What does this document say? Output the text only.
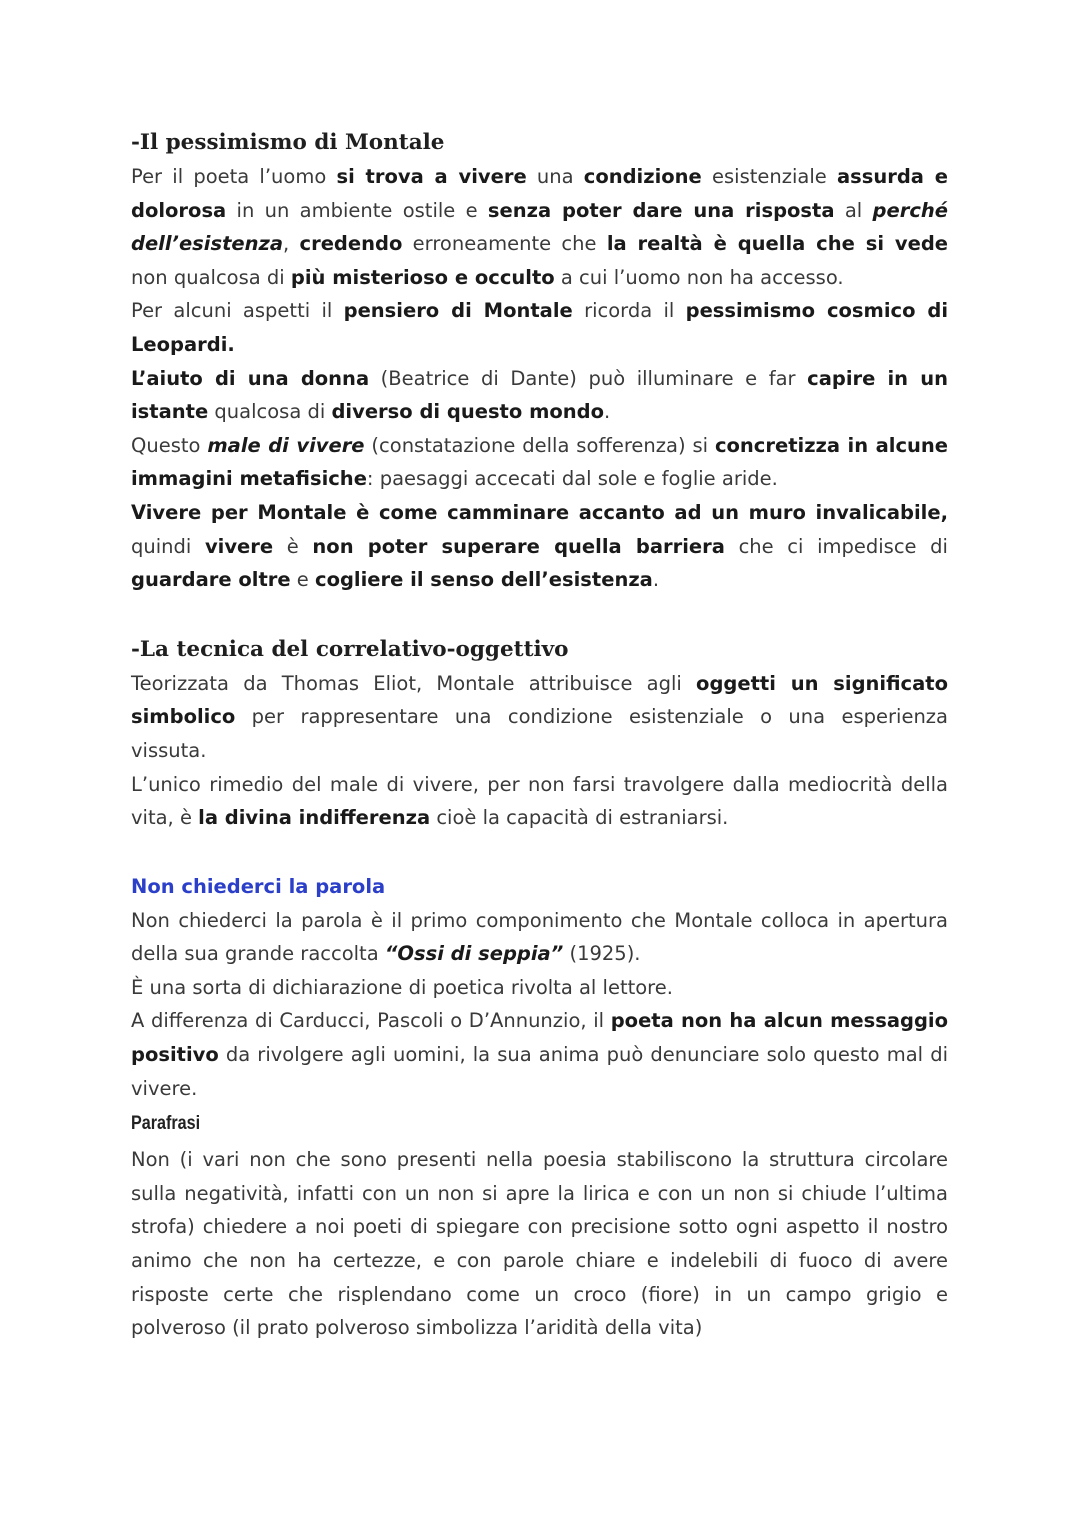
-Il pessimismo di Montale

Per il poeta l’uomo si trova a vivere una condizione esistenziale assurda e dolorosa in un ambiente ostile e senza poter dare una risposta al perché dell’esistenza, credendo erroneamente che la realtà è quella che si vede non qualcosa di più misterioso e occulto a cui l’uomo non ha accesso.

Per alcuni aspetti il pensiero di Montale ricorda il pessimismo cosmico di Leopardi.

L’aiuto di una donna (Beatrice di Dante) può illuminare e far capire in un istante qualcosa di diverso di questo mondo.

Questo male di vivere (constatazione della sofferenza) si concretizza in alcune immagini metafisiche: paesaggi accecati dal sole e foglie aride.

Vivere per Montale è come camminare accanto ad un muro invalicabile, quindi vivere è non poter superare quella barriera che ci impedisce di guardare oltre e cogliere il senso dell’esistenza.

-La tecnica del correlativo-oggettivo

Teorizzata da Thomas Eliot, Montale attribuisce agli oggetti un significato simbolico per rappresentare una condizione esistenziale o una esperienza vissuta.

L’unico rimedio del male di vivere, per non farsi travolgere dalla mediocrità della vita, è la divina indifferenza cioè la capacità di estraniarsi.

Non chiederci la parola

Non chiederci la parola è il primo componimento che Montale colloca in apertura della sua grande raccolta “Ossi di seppia” (1925).

È una sorta di dichiarazione di poetica rivolta al lettore.

A differenza di Carducci, Pascoli o D’Annunzio, il poeta non ha alcun messaggio positivo da rivolgere agli uomini, la sua anima può denunciare solo questo mal di vivere.

Parafrasi

Non (i vari non che sono presenti nella poesia stabiliscono la struttura circolare sulla negatività, infatti con un non si apre la lirica e con un non si chiude l’ultima strofa) chiedere a noi poeti di spiegare con precisione sotto ogni aspetto il nostro animo che non ha certezze, e con parole chiare e indelebili di fuoco di avere risposte certe che risplendano come un croco (fiore) in un campo grigio e polveroso (il prato polveroso simbolizza l’aridità della vita)
